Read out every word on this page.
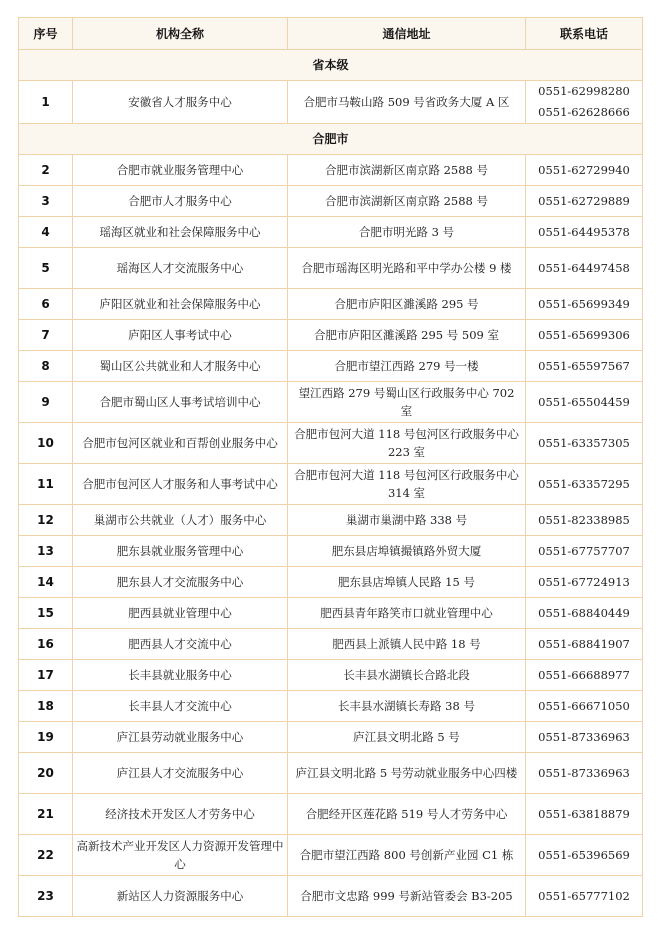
序号	机构全称	通信地址	联系电话
省本级			
1	安徽省人才服务中心	合肥市马鞍山路 509 号省政务大厦 A 区	0551-62998280
0551-62628666

合肥市			
2	合肥市就业服务管理中心	合肥市滨湖新区南京路 2588 号	0551-62729940

3	合肥市人才服务中心	合肥市滨湖新区南京路 2588 号	0551-62729889

4	瑶海区就业和社会保障服务中心	合肥市明光路 3 号	0551-64495378

5	瑶海区人才交流服务中心	合肥市瑶海区明光路和平中学办公楼 9 楼	0551-64497458

6	庐阳区就业和社会保障服务中心	合肥市庐阳区濉溪路 295 号	0551-65699349

7	庐阳区人事考试中心	合肥市庐阳区濉溪路 295 号 509 室	0551-65699306

8	蜀山区公共就业和人才服务中心	合肥市望江西路 279 号一楼	0551-65597567

9	合肥市蜀山区人事考试培训中心	望江西路 279 号蜀山区行政服务中心 702 室	0551-65504459

10	合肥市包河区就业和百帮创业服务中心	合肥市包河大道 118 号包河区行政服务中心 223 室	0551-63357305

11	合肥市包河区人才服务和人事考试中心	合肥市包河大道 118 号包河区行政服务中心 314 室	0551-63357295

12	巢湖市公共就业（人才）服务中心	巢湖市巢湖中路 338 号	0551-82338985

13	肥东县就业服务管理中心	肥东县店埠镇撮镇路外贸大厦	0551-67757707

14	肥东县人才交流服务中心	肥东县店埠镇人民路 15 号	0551-67724913

15	肥西县就业管理中心	肥西县青年路笑市口就业管理中心	0551-68840449

16	肥西县人才交流中心	肥西县上派镇人民中路 18 号	0551-68841907

17	长丰县就业服务中心	长丰县水湖镇长合路北段	0551-66688977

18	长丰县人才交流中心	长丰县水湖镇长寿路 38 号	0551-66671050

19	庐江县劳动就业服务中心	庐江县文明北路 5 号	0551-87336963

20	庐江县人才交流服务中心	庐江县文明北路 5 号劳动就业服务中心四楼	0551-87336963

21	经济技术开发区人才劳务中心	合肥经开区莲花路 519 号人才劳务中心	0551-63818879

22	高新技术产业开发区人力资源开发管理中心	合肥市望江西路 800 号创新产业园 C1 栋	0551-65396569

23	新站区人力资源服务中心	合肥市文忠路 999 号新站管委会 B3-205	0551-65777102
